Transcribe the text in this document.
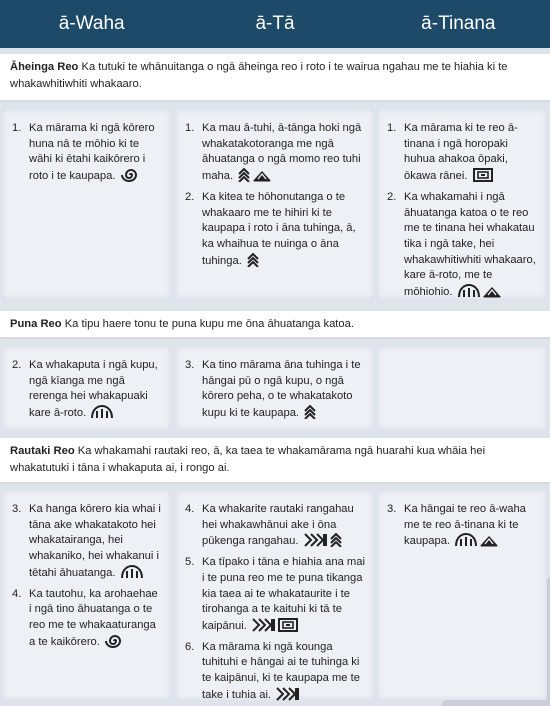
ā-Waha	ā-Tā	ā-Tinana
Āheinga Reo Ka tutuki te whānuitanga o ngā āheinga reo i roto i te wairua ngahau me te hiahia ki te whakawhitiwhiti whakaaro.
1. Ka mārama ki ngā kōrero huna nā te mōhio ki te wāhi ki ētahi kaikōrero i roto i te kaupapa.
1. Ka mau ā-tuhi, ā-tānga hoki ngā whakatakotoranga me ngā āhuatanga o ngā momo reo tuhi maha.
2. Ka kitea te hōhonutanga o te whakaaro me te hihiri ki te kaupapa i roto i āna tuhinga, ā, ka whaihua te nuinga o āna tuhinga.
1. Ka mārama ki te reo ā-tinana i ngā horopaki huhua ahakoa ōpaki, ōkawa rānei.
2. Ka whakamahi i ngā āhuatanga katoa o te reo me te tinana hei whakatau tika i ngā take, hei whakawhitiwhiti whakaaro, kare ā-roto, me te mōhiohio.
Puna Reo Ka tipu haere tonu te puna kupu me ōna āhuatanga katoa.
2. Ka whakaputa i ngā kupu, ngā kīanga me ngā rerenga hei whakapuaki kare ā-roto.
3. Ka tino mārama āna tuhinga i te hāngai pū o ngā kupu, o ngā kōrero peha, o te whakatakoto kupu ki te kaupapa.
Rautaki Reo Ka whakamahi rautaki reo, ā, ka taea te whakamārama ngā huarahi kua whāia hei whakatutuki i tāna i whakaputa ai, i rongo ai.
3. Ka hanga kōrero kia whai i tāna ake whakatakoto hei whakatairanga, hei whakaniko, hei whakanui i tētahi āhuatanga.
4. Ka tautohu, ka arohaehae i ngā tino āhuatanga o te reo me te whakaaturanga a te kaikōrero.
4. Ka whakarite rautaki rangahau hei whakawhānui ake i ōna pūkenga rangahau.
5. Ka tīpako i tāna e hiahia ana mai i te puna reo me te puna tikanga kia taea ai te whakataurite i te tirohanga a te kaituhi ki tā te kaipānui.
6. Ka mārama ki ngā kounga tuhituhi e hāngai ai te tuhinga ki te kaipānui, ki te kaupapa me te take i tuhia ai.
3. Ka hāngai te reo ā-waha me te reo ā-tinana ki te kaupapa.
